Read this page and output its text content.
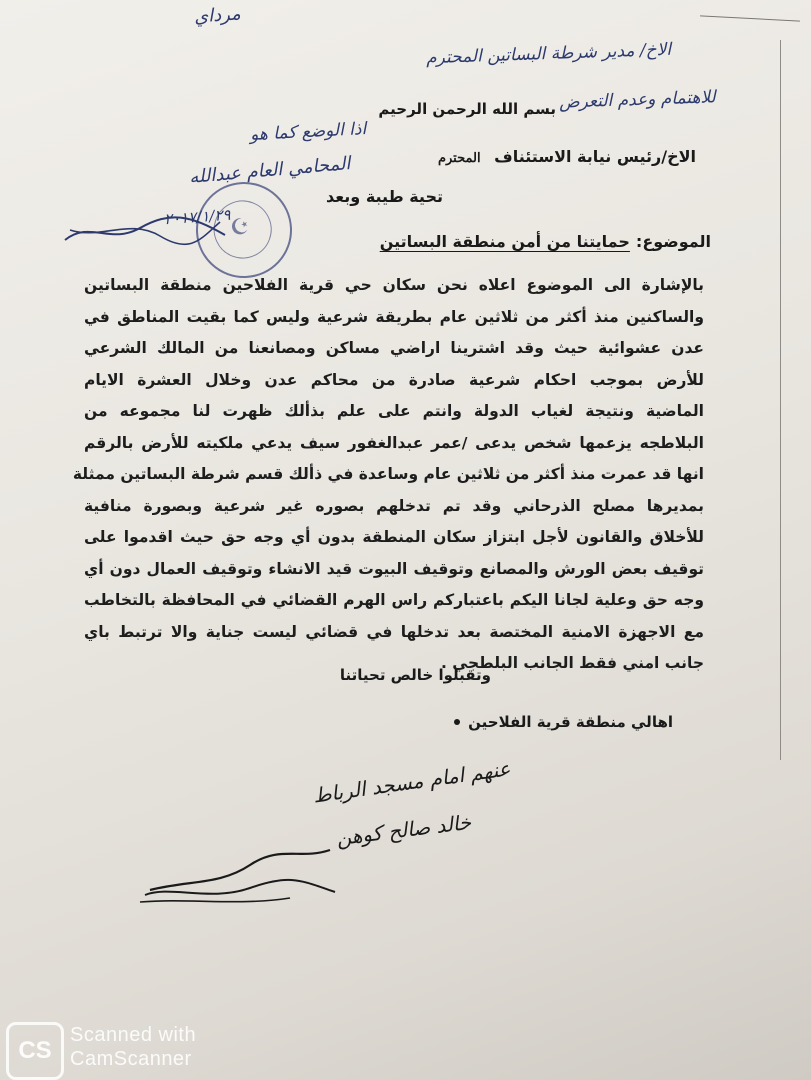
مرداي
الاخ/ مدير شرطة البساتين المحترم
للاهتمام وعدم التعرض
اذا الوضع كما هو
المحامي العام عبدالله
٢٠١٧/١/٢٩
☪

بسم الله الرحمن الرحيم

الاخ/رئيس نيابة الاستئناف المحترم

تحية طيبة وبعد

الموضوع:
حمايتنا من أمن منطقة البساتين

بالإشارة الى الموضوع اعلاه نحن سكان حي قرية الفلاحين منطقة البساتين

والساكنين منذ أكثر من ثلاثين عام بطريقة شرعية وليس كما بقيت المناطق في

عدن عشوائية حيث وقد اشترينا اراضي مساكن ومصانعنا من المالك الشرعي

للأرض بموجب احكام شرعية صادرة من محاكم عدن وخلال العشرة الايام

الماضية ونتيجة لغياب الدولة وانتم على علم بذألك ظهرت لنا مجموعه من

البلاطجه يزعمها شخص يدعى /عمر عبدالغفور سيف يدعي ملكيته للأرض بالرقم

انها قد عمرت منذ أكثر من ثلاثين عام وساعدة في ذألك قسم شرطة البساتين ممثلة

بمديرها مصلح الذرحاني وقد تم تدخلهم بصوره غير شرعية وبصورة منافية

للأخلاق والقانون لأجل ابتزاز سكان المنطقة بدون أي وجه حق حيث اقدموا على

توقيف بعض الورش والمصانع وتوقيف البيوت قيد الانشاء وتوقيف العمال دون أي

وجه حق وعلية لجانا اليكم باعتباركم راس الهرم القضائي في المحافظة بالتخاطب

مع الاجهزة الامنية المختصة بعد تدخلها في قضائي ليست جناية والا ترتبط باي

جانب امني فقط الجانب البلطجي .

وتقبلوا خالص تحياتنا

اهالي منطقة قرية الفلاحين
عنهم امام مسجد الرباط
خالد صالح كوهن
CS
Scanned with
CamScanner
